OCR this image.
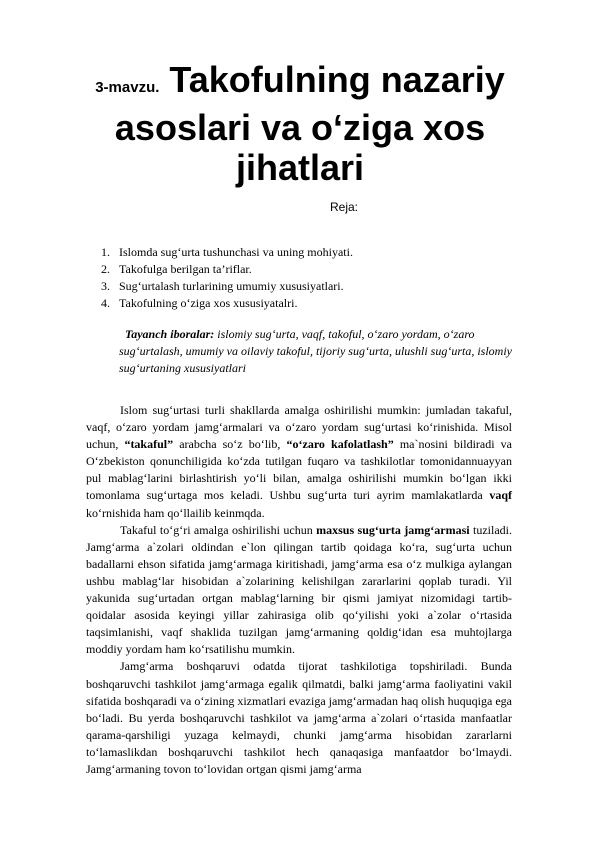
3-mavzu. Takofulning nazariy
asoslari va o‘ziga xos
jihatlari
Reja:
1. Islomda sug‘urta tushunchasi va uning mohiyati.
2. Takofulga berilgan ta’riflar.
3. Sug‘urtalash turlarining umumiy xususiyatlari.
4. Takofulning o‘ziga xos xususiyatalri.
Tayanch iboralar: islomiy sug‘urta, vaqf, takoful, o‘zaro yordam, o‘zaro sug‘urtalash, umumiy va oilaviy takoful, tijoriy sug‘urta, ulushli sug‘urta, islomiy sug‘urtaning xususiyatlari

Islom sug‘urtasi turli shakllarda amalga oshirilishi mumkin: jumladan takaful, vaqf, o‘zaro yordam jamg‘armalari va o‘zaro yordam sug‘urtasi ko‘rinishida. Misol uchun, “takaful” arabcha so‘z bo‘lib, “o‘zaro kafolatlash” ma`nosini bildiradi va O‘zbekiston qonunchiligida ko‘zda tutilgan fuqaro va tashkilotlar tomonidannuayyan pul mablag‘larini birlashtirish yo‘li bilan, amalga oshirilishi mumkin bo‘lgan ikki tomonlama sug‘urtaga mos keladi. Ushbu sug‘urta turi ayrim mamlakatlarda vaqf ko‘rnishida ham qo‘llailib keinmqda.

Takaful to‘g‘ri amalga oshirilishi uchun maxsus sug‘urta jamg‘armasi tuziladi. Jamg‘arma a`zolari oldindan e`lon qilingan tartib qoidaga ko‘ra, sug‘urta uchun badallarni ehson sifatida jamg‘armaga kiritishadi, jamg‘arma esa o‘z mulkiga aylangan ushbu mablag‘lar hisobidan a`zolarining kelishilgan zararlarini qoplab turadi. Yil yakunida sug‘urtadan ortgan mablag‘larning bir qismi jamiyat nizomidagi tartib-qoidalar asosida keyingi yillar zahirasiga olib qo‘yilishi yoki a`zolar o‘rtasida taqsimlanishi, vaqf shaklida tuzilgan jamg‘armaning qoldig‘idan esa muhtojlarga moddiy yordam ham ko‘rsatilishu mumkin.

Jamg‘arma boshqaruvi odatda tijorat tashkilotiga topshiriladi. Bunda boshqaruvchi tashkilot jamg‘armaga egalik qilmatdi, balki jamg‘arma faoliyatini vakil sifatida boshqaradi va o‘zining xizmatlari evaziga jamg‘armadan haq olish huquqiga ega bo‘ladi. Bu yerda boshqaruvchi tashkilot va jamg‘arma a`zolari o‘rtasida manfaatlar qarama-qarshiligi yuzaga kelmaydi, chunki jamg‘arma hisobidan zararlarni to‘lamaslikdan boshqaruvchi tashkilot hech qanaqasiga manfaatdor bo‘lmaydi. Jamg‘armaning tovon to‘lovidan ortgan qismi jamg‘arma
